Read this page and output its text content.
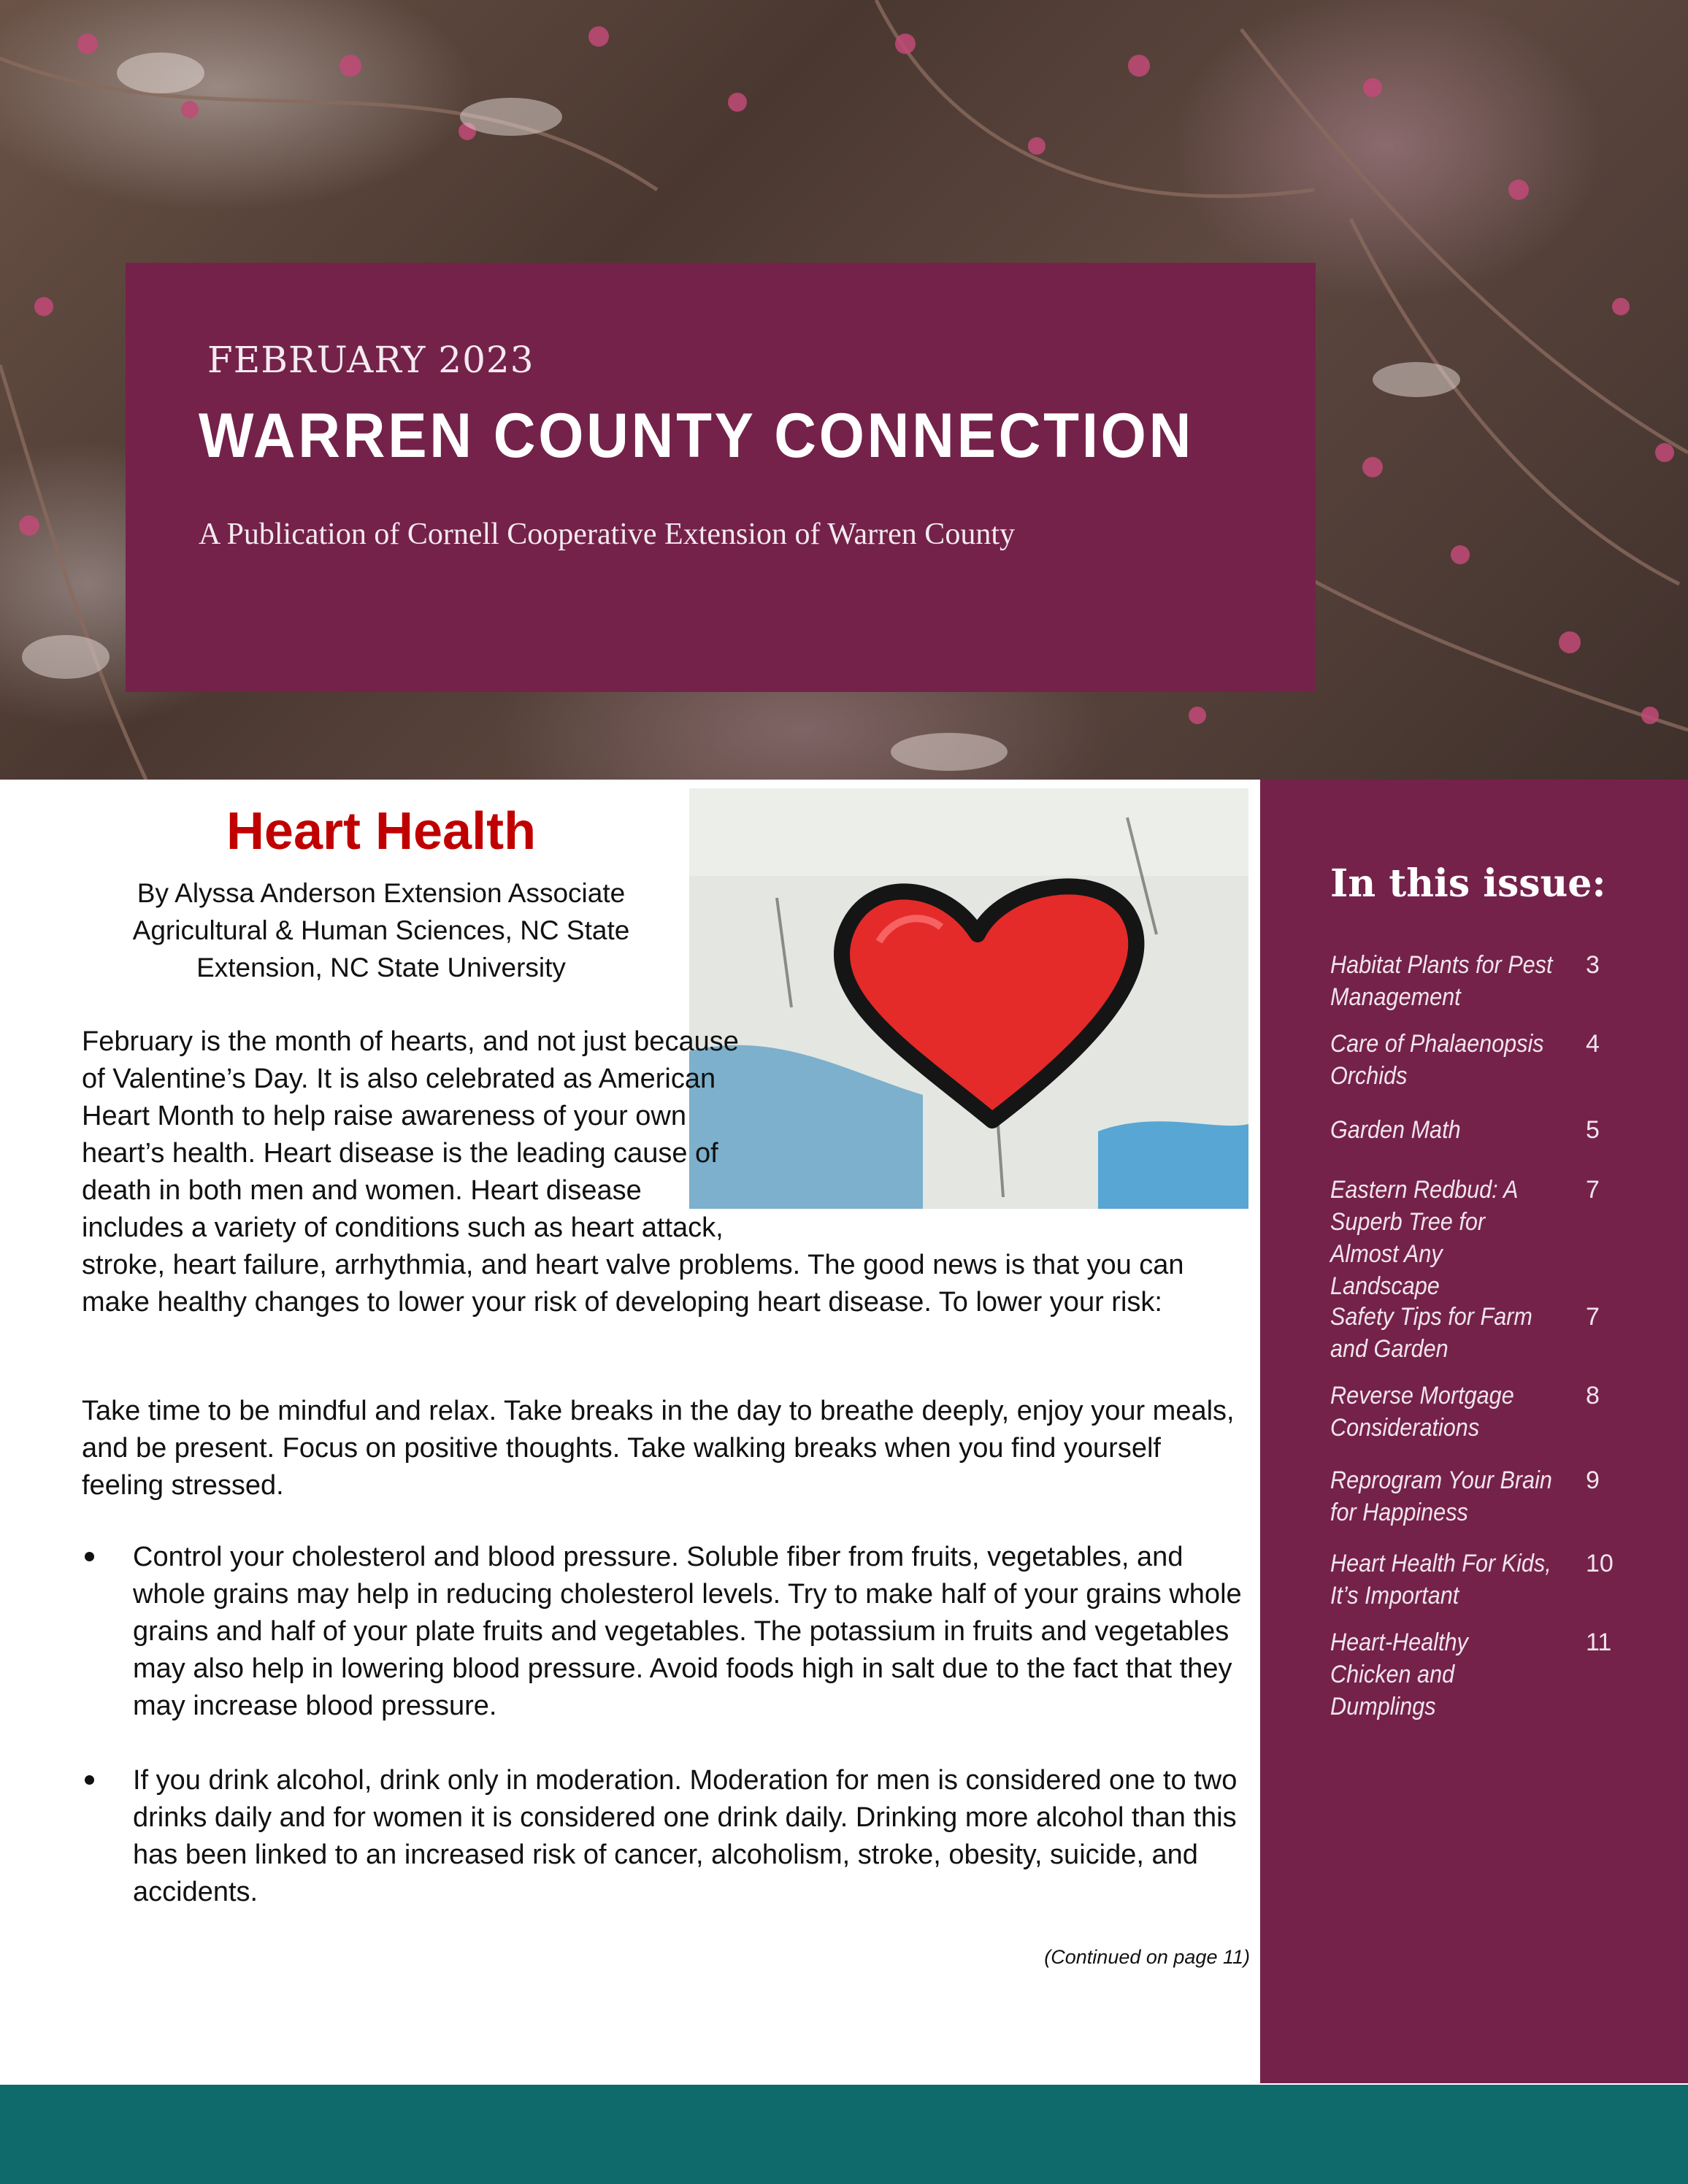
FEBRUARY 2023
WARREN COUNTY CONNECTION
A Publication of Cornell Cooperative Extension of Warren County
Heart Health
By Alyssa Anderson Extension Associate
Agricultural & Human Sciences, NC State
Extension, NC State University

February is the month of hearts, and not just because of Valentine’s Day. It is also celebrated as American Heart Month to help raise awareness of your own heart’s health. Heart disease is the leading cause of death in both men and women. Heart disease includes a variety of conditions such as heart attack, stroke, heart failure, arrhythmia, and heart valve problems. The good news is that you can make healthy changes to lower your risk of developing heart disease. To lower your risk:

Take time to be mindful and relax. Take breaks in the day to breathe deeply, enjoy your meals, and be present. Focus on positive thoughts. Take walking breaks when you find yourself feeling stressed.

Control your cholesterol and blood pressure. Soluble fiber from fruits, vegetables, and whole grains may help in reducing cholesterol levels. Try to make half of your grains whole grains and half of your plate fruits and vegetables. The potassium in fruits and vegetables may also help in lowering blood pressure. Avoid foods high in salt due to the fact that they may increase blood pressure.
If you drink alcohol, drink only in moderation. Moderation for men is considered one to two drinks daily and for women it is considered one drink daily. Drinking more alcohol than this has been linked to an increased risk of cancer, alcoholism, stroke, obesity, suicide, and accidents.
(Continued on page 11)
In this issue:
Habitat Plants for Pest Management
3
Care of Phalaenopsis Orchids
4
Garden Math	5
Eastern Redbud: A Superb Tree for Almost Any Landscape
7
Safety Tips for Farm and Garden
7
Reverse Mortgage Considerations
8
Reprogram Your Brain for Happiness
9
Heart Health For Kids, It’s Important
10
Heart-Healthy Chicken and Dumplings
11
